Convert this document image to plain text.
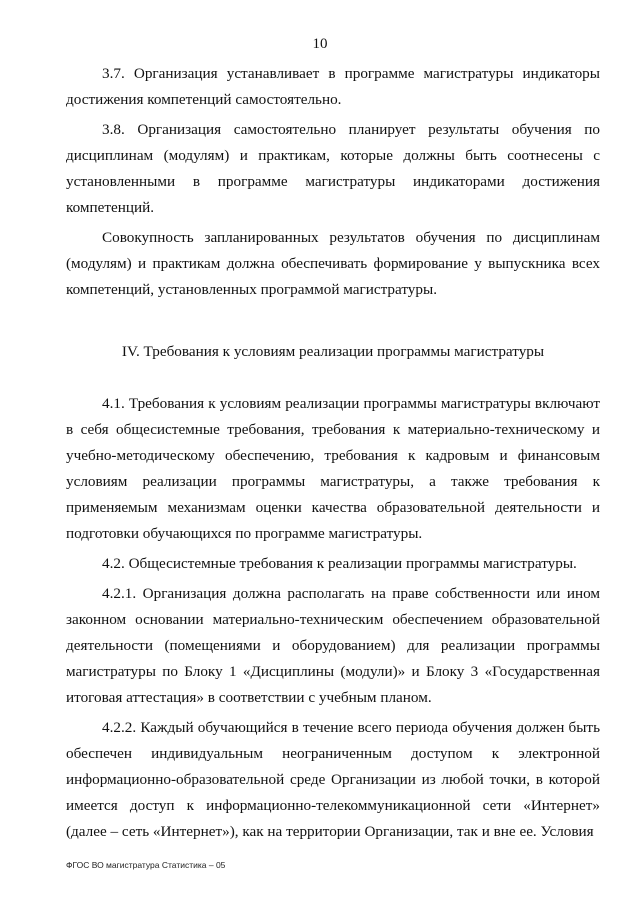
10

3.7. Организация устанавливает в программе магистратуры индикаторы достижения компетенций самостоятельно.

3.8. Организация самостоятельно планирует результаты обучения по дисциплинам (модулям) и практикам, которые должны быть соотнесены с установленными в программе магистратуры индикаторами достижения компетенций.

Совокупность запланированных результатов обучения по дисциплинам (модулям) и практикам должна обеспечивать формирование у выпускника всех компетенций, установленных программой магистратуры.

IV. Требования к условиям реализации программы магистратуры

4.1. Требования к условиям реализации программы магистратуры включают в себя общесистемные требования, требования к материально-техническому и учебно-методическому обеспечению, требования к кадровым и финансовым условиям реализации программы магистратуры, а также требования к применяемым механизмам оценки качества образовательной деятельности и подготовки обучающихся по программе магистратуры.

4.2. Общесистемные требования к реализации программы магистратуры.

4.2.1. Организация должна располагать на праве собственности или ином законном основании материально-техническим обеспечением образовательной деятельности (помещениями и оборудованием) для реализации программы магистратуры по Блоку 1 «Дисциплины (модули)» и Блоку 3 «Государственная итоговая аттестация» в соответствии с учебным планом.

4.2.2. Каждый обучающийся в течение всего периода обучения должен быть обеспечен индивидуальным неограниченным доступом к электронной информационно-образовательной среде Организации из любой точки, в которой имеется доступ к информационно-телекоммуникационной сети «Интернет» (далее – сеть «Интернет»), как на территории Организации, так и вне ее. Условия

ФГОС ВО магистратура Статистика – 05
